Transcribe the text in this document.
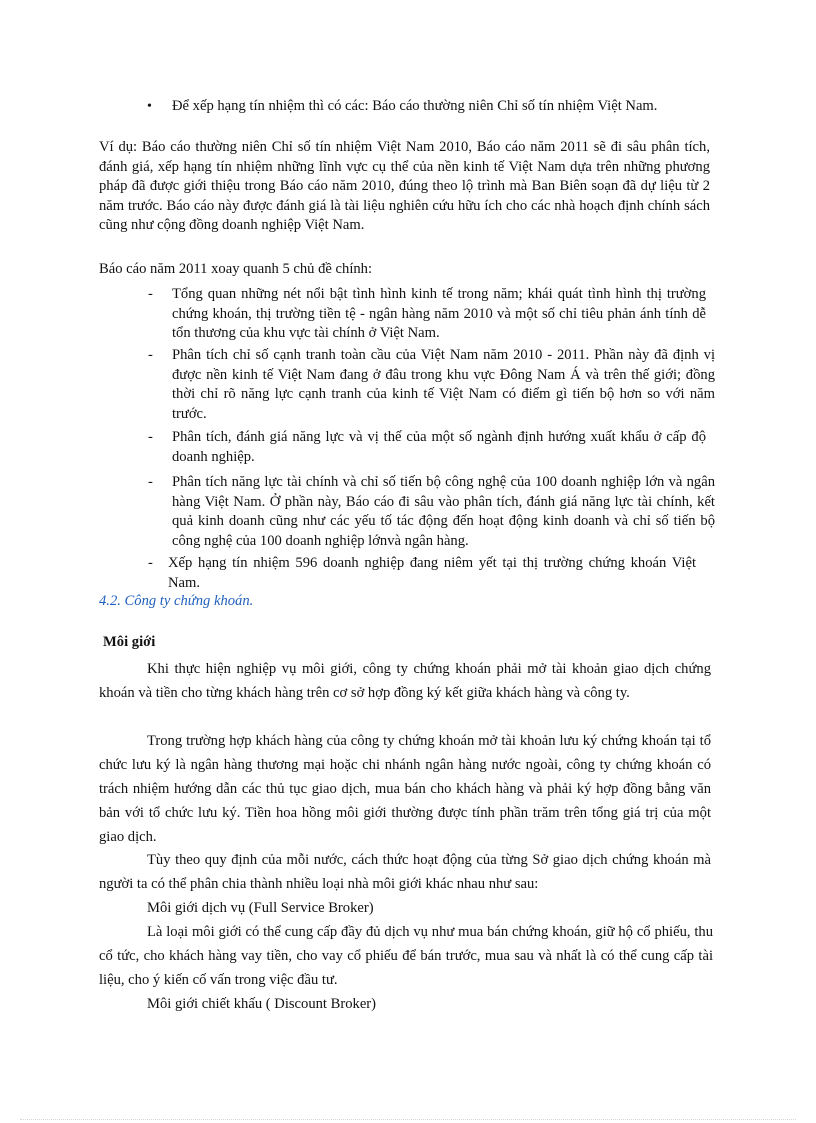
• Để xếp hạng tín nhiệm thì có các: Báo cáo thường niên Chỉ số tín nhiệm Việt Nam.

Ví dụ: Báo cáo thường niên Chỉ số tín nhiệm Việt Nam 2010, Báo cáo năm 2011 sẽ đi sâu phân tích, đánh giá, xếp hạng tín nhiệm những lĩnh vực cụ thể của nền kinh tế Việt Nam dựa trên những phương pháp đã được giới thiệu trong Báo cáo năm 2010, đúng theo lộ trình mà Ban Biên soạn đã dự liệu từ 2 năm trước. Báo cáo này được đánh giá là tài liệu nghiên cứu hữu ích cho các nhà hoạch định chính sách cũng như cộng đồng doanh nghiệp Việt Nam.

Báo cáo năm 2011 xoay quanh 5 chủ đề chính:

- Tổng quan những nét nổi bật tình hình kinh tế trong năm; khái quát tình hình thị trường chứng khoán, thị trường tiền tệ - ngân hàng năm 2010 và một số chỉ tiêu phản ánh tính dễ tổn thương của khu vực tài chính ở Việt Nam.

- Phân tích chỉ số cạnh tranh toàn cầu của Việt Nam năm 2010 - 2011. Phần này đã định vị được nền kinh tế Việt Nam đang ở đâu trong khu vực Đông Nam Á và trên thế giới; đồng thời chỉ rõ năng lực cạnh tranh của kinh tế Việt Nam có điểm gì tiến bộ hơn so với năm trước.

- Phân tích, đánh giá năng lực và vị thế của một số ngành định hướng xuất khẩu ở cấp độ doanh nghiệp.

- Phân tích năng lực tài chính và chỉ số tiến bộ công nghệ của 100 doanh nghiệp lớn và ngân hàng Việt Nam. Ở phần này, Báo cáo đi sâu vào phân tích, đánh giá năng lực tài chính, kết quả kinh doanh cũng như các yếu tố tác động đến hoạt động kinh doanh và chỉ số tiến bộ công nghệ của 100 doanh nghiệp lớnvà ngân hàng.

- Xếp hạng tín nhiệm 596 doanh nghiệp đang niêm yết tại thị trường chứng khoán Việt Nam.

4.2. Công ty chứng khoán.

Môi giới

Khi thực hiện nghiệp vụ môi giới, công ty chứng khoán phải mở tài khoản giao dịch chứng khoán và tiền cho từng khách hàng trên cơ sở hợp đồng ký kết giữa khách hàng và công ty.

Trong trường hợp khách hàng của công ty chứng khoán mở tài khoản lưu ký chứng khoán tại tổ chức lưu ký là ngân hàng thương mại hoặc chi nhánh ngân hàng nước ngoài, công ty chứng khoán có trách nhiệm hướng dẫn các thủ tục giao dịch, mua bán cho khách hàng và phải ký hợp đồng bằng văn bản với tổ chức lưu ký. Tiền hoa hồng môi giới thường được tính phần trăm trên tổng giá trị của một giao dịch.

Tùy theo quy định của mỗi nước, cách thức hoạt động của từng Sở giao dịch chứng khoán mà người ta có thể phân chia thành nhiều loại nhà môi giới khác nhau như sau:

Môi giới dịch vụ (Full Service Broker)

Là loại môi giới có thể cung cấp đầy đủ dịch vụ như mua bán chứng khoán, giữ hộ cổ phiếu, thu cổ tức, cho khách hàng vay tiền, cho vay cổ phiếu để bán trước, mua sau và nhất là có thể cung cấp tài liệu, cho ý kiến cố vấn trong việc đầu tư.

Môi giới chiết khấu ( Discount Broker)
